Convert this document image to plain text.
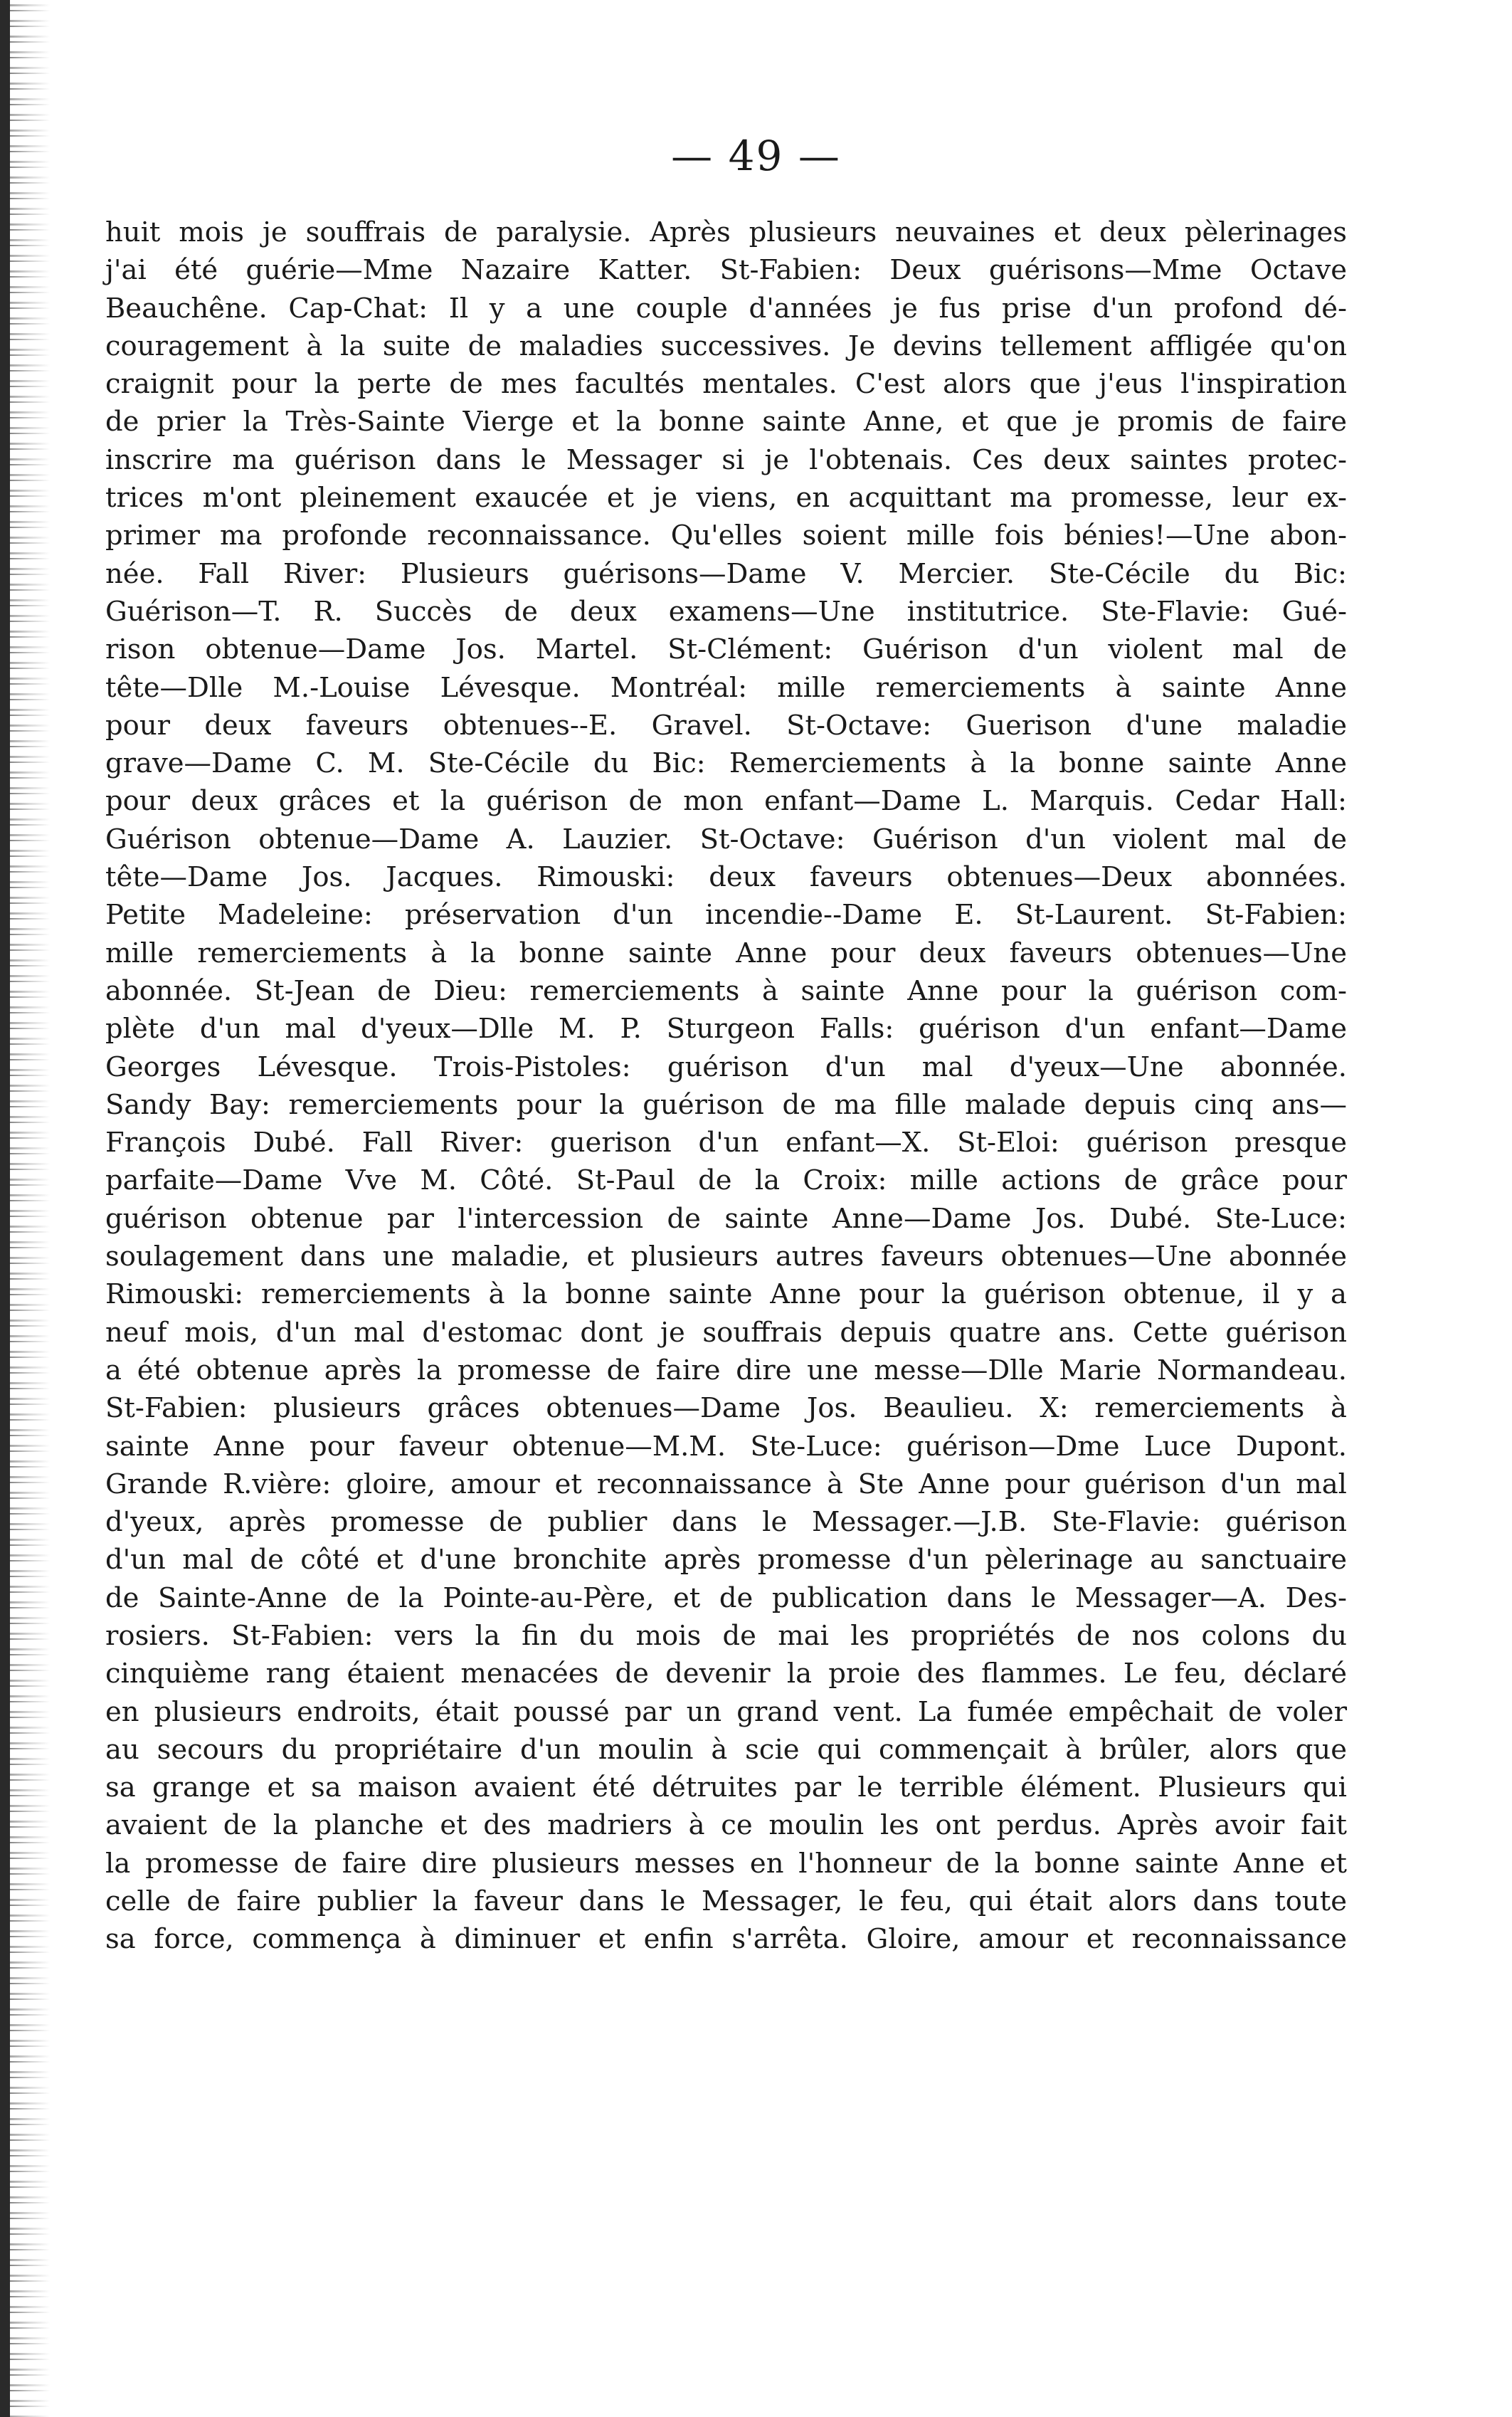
— 49 —
huit mois je souffrais de paralysie. Après plusieurs neuvaines et deux pèlerinages
j'ai été guérie—Mme Nazaire Katter. St-Fabien: Deux guérisons—Mme Octave
Beauchêne. Cap-Chat: Il y a une couple d'années je fus prise d'un profond dé-
couragement à la suite de maladies successives. Je devins tellement affligée qu'on
craignit pour la perte de mes facultés mentales. C'est alors que j'eus l'inspiration
de prier la Très-Sainte Vierge et la bonne sainte Anne, et que je promis de faire
inscrire ma guérison dans le Messager si je l'obtenais. Ces deux saintes protec-
trices m'ont pleinement exaucée et je viens, en acquittant ma promesse, leur ex-
primer ma profonde reconnaissance. Qu'elles soient mille fois bénies!—Une abon-
née. Fall River: Plusieurs guérisons—Dame V. Mercier. Ste-Cécile du Bic:
Guérison—T. R. Succès de deux examens—Une institutrice. Ste-Flavie: Gué-
rison obtenue—Dame Jos. Martel. St-Clément: Guérison d'un violent mal de
tête—Dlle M.-Louise Lévesque. Montréal: mille remerciements à sainte Anne
pour deux faveurs obtenues--E. Gravel. St-Octave: Guerison d'une maladie
grave—Dame C. M. Ste-Cécile du Bic: Remerciements à la bonne sainte Anne
pour deux grâces et la guérison de mon enfant—Dame L. Marquis. Cedar Hall:
Guérison obtenue—Dame A. Lauzier. St-Octave: Guérison d'un violent mal de
tête—Dame Jos. Jacques. Rimouski: deux faveurs obtenues—Deux abonnées.
Petite Madeleine: préservation d'un incendie--Dame E. St-Laurent. St-Fabien:
mille remerciements à la bonne sainte Anne pour deux faveurs obtenues—Une
abonnée. St-Jean de Dieu: remerciements à sainte Anne pour la guérison com-
plète d'un mal d'yeux—Dlle M. P. Sturgeon Falls: guérison d'un enfant—Dame
Georges Lévesque. Trois-Pistoles: guérison d'un mal d'yeux—Une abonnée.
Sandy Bay: remerciements pour la guérison de ma fille malade depuis cinq ans—
François Dubé. Fall River: guerison d'un enfant—X. St-Eloi: guérison presque
parfaite—Dame Vve M. Côté. St-Paul de la Croix: mille actions de grâce pour
guérison obtenue par l'intercession de sainte Anne—Dame Jos. Dubé. Ste-Luce:
soulagement dans une maladie, et plusieurs autres faveurs obtenues—Une abonnée
Rimouski: remerciements à la bonne sainte Anne pour la guérison obtenue, il y a
neuf mois, d'un mal d'estomac dont je souffrais depuis quatre ans. Cette guérison
a été obtenue après la promesse de faire dire une messe—Dlle Marie Normandeau.
St-Fabien: plusieurs grâces obtenues—Dame Jos. Beaulieu. X: remerciements à
sainte Anne pour faveur obtenue—M.M. Ste-Luce: guérison—Dme Luce Dupont.
Grande R.vière: gloire, amour et reconnaissance à Ste Anne pour guérison d'un mal
d'yeux, après promesse de publier dans le Messager.—J.B. Ste-Flavie: guérison
d'un mal de côté et d'une bronchite après promesse d'un pèlerinage au sanctuaire
de Sainte-Anne de la Pointe-au-Père, et de publication dans le Messager—A. Des-
rosiers. St-Fabien: vers la fin du mois de mai les propriétés de nos colons du
cinquième rang étaient menacées de devenir la proie des flammes. Le feu, déclaré
en plusieurs endroits, était poussé par un grand vent. La fumée empêchait de voler
au secours du propriétaire d'un moulin à scie qui commençait à brûler, alors que
sa grange et sa maison avaient été détruites par le terrible élément. Plusieurs qui
avaient de la planche et des madriers à ce moulin les ont perdus. Après avoir fait
la promesse de faire dire plusieurs messes en l'honneur de la bonne sainte Anne et
celle de faire publier la faveur dans le Messager, le feu, qui était alors dans toute
sa force, commença à diminuer et enfin s'arrêta. Gloire, amour et reconnaissance
